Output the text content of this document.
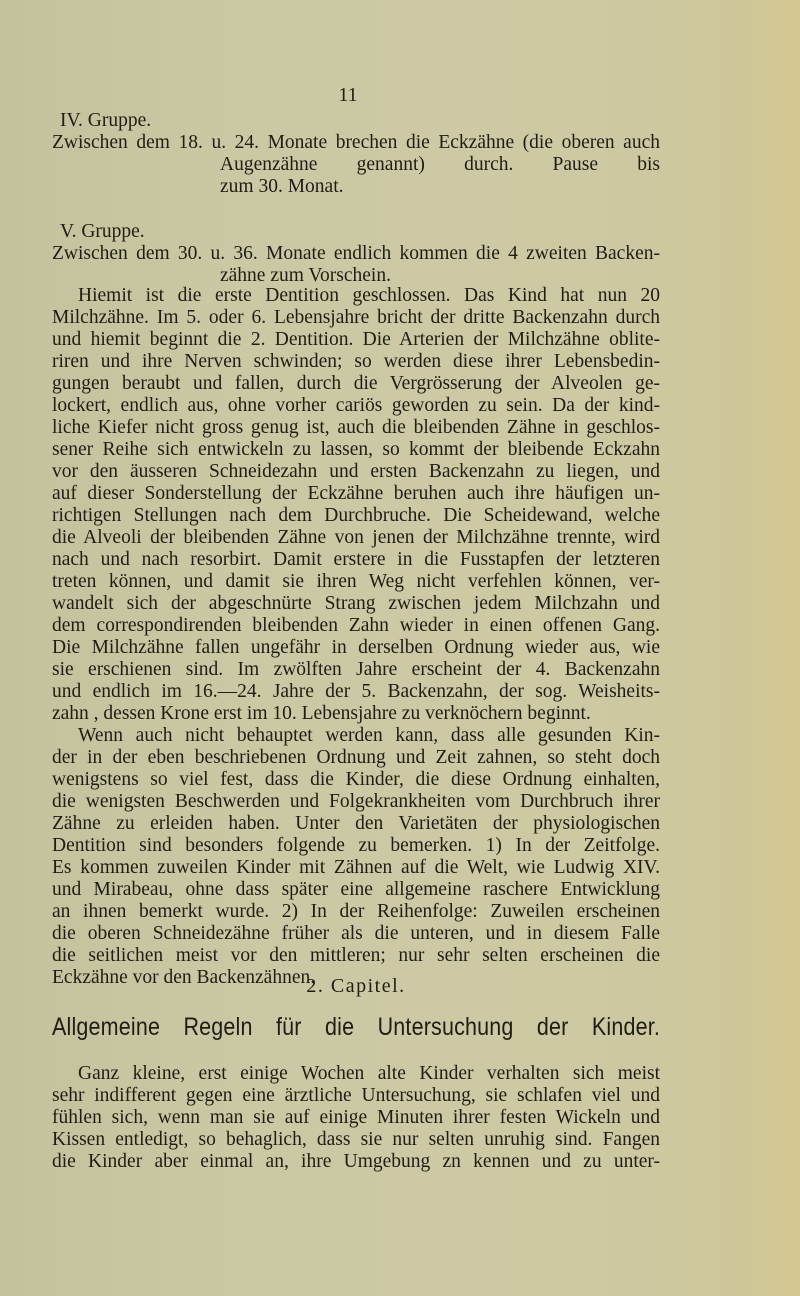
11
IV. Gruppe.
Zwischen dem 18. u. 24. Monate brechen die Eckzähne (die oberen auch
Augenzähne genannt) durch. Pause bis
zum 30. Monat.
V. Gruppe.
Zwischen dem 30. u. 36. Monate endlich kommen die 4 zweiten Backen-
zähne zum Vorschein.
Hiemit ist die erste Dentition geschlossen. Das Kind hat nun 20
Milchzähne. Im 5. oder 6. Lebensjahre bricht der dritte Backenzahn durch
und hiemit beginnt die 2. Dentition. Die Arterien der Milchzähne oblite-
riren und ihre Nerven schwinden; so werden diese ihrer Lebensbedin-
gungen beraubt und fallen, durch die Vergrösserung der Alveolen ge-
lockert, endlich aus, ohne vorher cariös geworden zu sein. Da der kind-
liche Kiefer nicht gross genug ist, auch die bleibenden Zähne in geschlos-
sener Reihe sich entwickeln zu lassen, so kommt der bleibende Eckzahn
vor den äusseren Schneidezahn und ersten Backenzahn zu liegen, und
auf dieser Sonderstellung der Eckzähne beruhen auch ihre häufigen un-
richtigen Stellungen nach dem Durchbruche. Die Scheidewand, welche
die Alveoli der bleibenden Zähne von jenen der Milchzähne trennte, wird
nach und nach resorbirt. Damit erstere in die Fusstapfen der letzteren
treten können, und damit sie ihren Weg nicht verfehlen können, ver-
wandelt sich der abgeschnürte Strang zwischen jedem Milchzahn und
dem correspondirenden bleibenden Zahn wieder in einen offenen Gang.
Die Milchzähne fallen ungefähr in derselben Ordnung wieder aus, wie
sie erschienen sind. Im zwölften Jahre erscheint der 4. Backenzahn
und endlich im 16.—24. Jahre der 5. Backenzahn, der sog. Weisheits-
zahn , dessen Krone erst im 10. Lebensjahre zu verknöchern beginnt.
Wenn auch nicht behauptet werden kann, dass alle gesunden Kin-
der in der eben beschriebenen Ordnung und Zeit zahnen, so steht doch
wenigstens so viel fest, dass die Kinder, die diese Ordnung einhalten,
die wenigsten Beschwerden und Folgekrankheiten vom Durchbruch ihrer
Zähne zu erleiden haben. Unter den Varietäten der physiologischen
Dentition sind besonders folgende zu bemerken. 1) In der Zeitfolge.
Es kommen zuweilen Kinder mit Zähnen auf die Welt, wie Ludwig XIV.
und Mirabeau, ohne dass später eine allgemeine raschere Entwicklung
an ihnen bemerkt wurde. 2) In der Reihenfolge: Zuweilen erscheinen
die oberen Schneidezähne früher als die unteren, und in diesem Falle
die seitlichen meist vor den mittleren; nur sehr selten erscheinen die
Eckzähne vor den Backenzähnen.
2. Capitel.
Allgemeine Regeln für die Untersuchung der Kinder.
Ganz kleine, erst einige Wochen alte Kinder verhalten sich meist
sehr indifferent gegen eine ärztliche Untersuchung, sie schlafen viel und
fühlen sich, wenn man sie auf einige Minuten ihrer festen Wickeln und
Kissen entledigt, so behaglich, dass sie nur selten unruhig sind. Fangen
die Kinder aber einmal an, ihre Umgebung zn kennen und zu unter-
